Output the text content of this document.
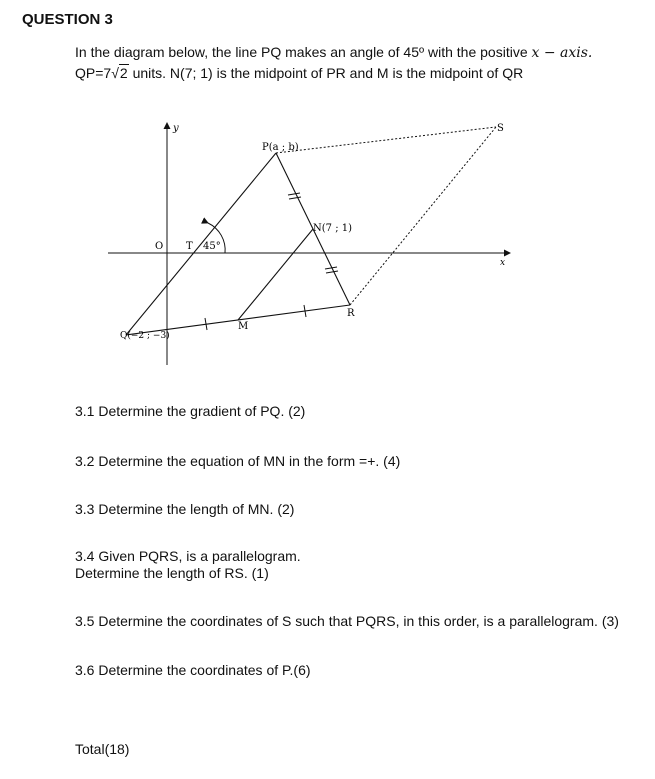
QUESTION 3
In the diagram below, the line PQ makes an angle of 45º with the positive x − axis.
QP=7√2 units. N(7; 1) is the midpoint of PR and M is the midpoint of QR
y
x
O T 45°
P(a ; b)
N(7 ; 1)
Q(−2 ; −3)
M
R
S
3.1 Determine the gradient of PQ. (2)
3.2 Determine the equation of MN in the form =+. (4)
3.3 Determine the length of MN. (2)
3.4 Given PQRS, is a parallelogram.
Determine the length of RS. (1)
3.5 Determine the coordinates of S such that PQRS, in this order, is a parallelogram. (3)
3.6 Determine the coordinates of P.(6)
Total(18)
